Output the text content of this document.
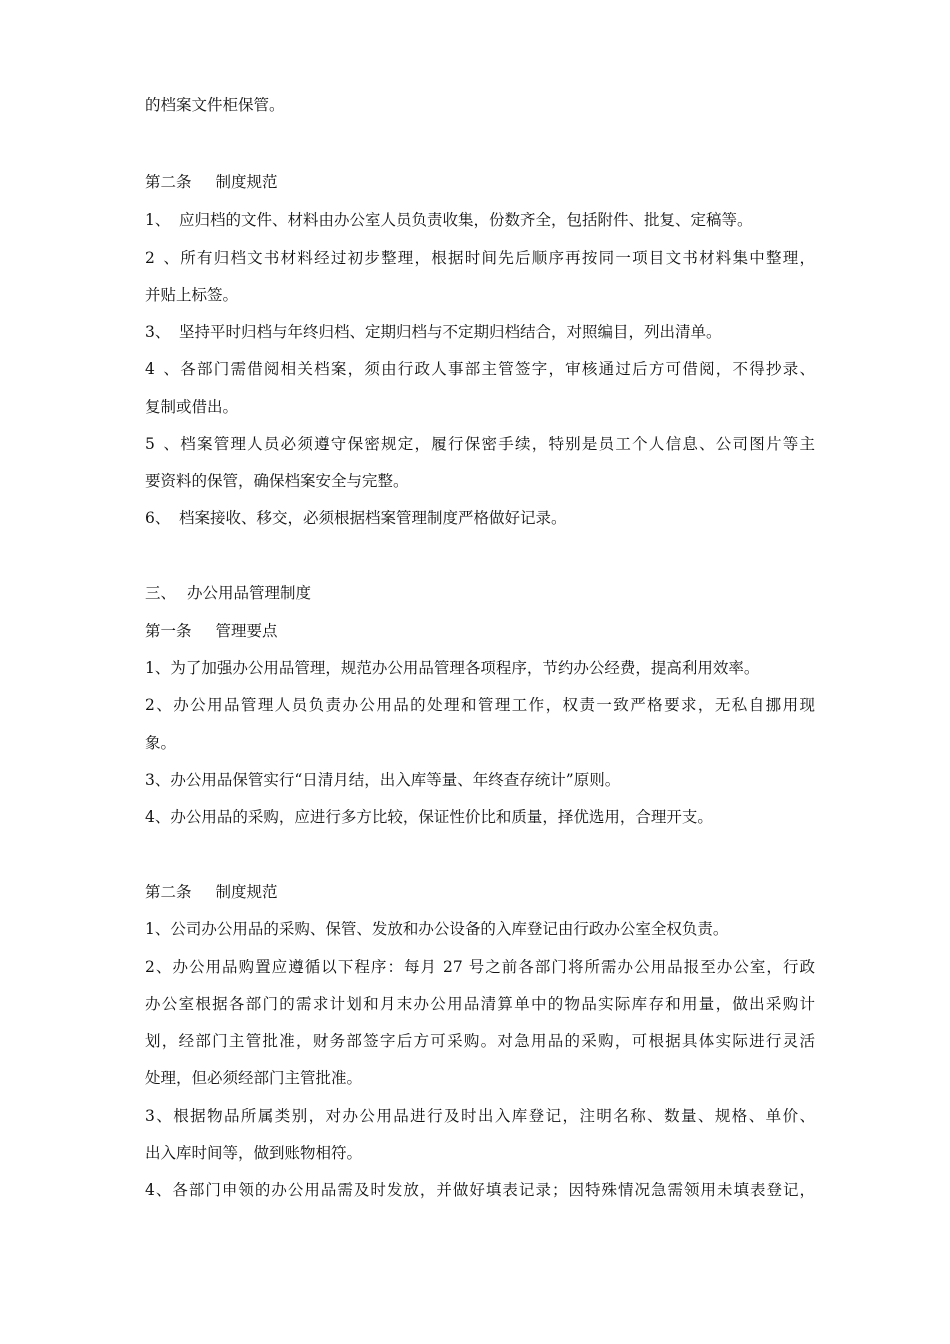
的档案文件柜保管。
第二条 制度规范
1、 应归档的文件、材料由办公室人员负责收集，份数齐全，包括附件、批复、定稿等。
2、所有归档文书材料经过初步整理，根据时间先后顺序再按同一项目文书材料集中整理，
并贴上标签。
3、 坚持平时归档与年终归档、定期归档与不定期归档结合，对照编目，列出清单。
4、各部门需借阅相关档案，须由行政人事部主管签字，审核通过后方可借阅，不得抄录、
复制或借出。
5、档案管理人员必须遵守保密规定，履行保密手续，特别是员工个人信息、公司图片等主
要资料的保管，确保档案安全与完整。
6、 档案接收、移交，必须根据档案管理制度严格做好记录。
三、 办公用品管理制度
第一条 管理要点
1、为了加强办公用品管理，规范办公用品管理各项程序，节约办公经费，提高利用效率。
2、办公用品管理人员负责办公用品的处理和管理工作，权责一致严格要求，无私自挪用现
象。
3、办公用品保管实行“日清月结，出入库等量、年终查存统计”原则。
4、办公用品的采购，应进行多方比较，保证性价比和质量，择优选用，合理开支。
第二条 制度规范
1、公司办公用品的采购、保管、发放和办公设备的入库登记由行政办公室全权负责。
2、办公用品购置应遵循以下程序：每月 27 号之前各部门将所需办公用品报至办公室，行政
办公室根据各部门的需求计划和月末办公用品清算单中的物品实际库存和用量，做出采购计
划，经部门主管批准，财务部签字后方可采购。对急用品的采购，可根据具体实际进行灵活
处理，但必须经部门主管批准。
3、根据物品所属类别，对办公用品进行及时出入库登记，注明名称、数量、规格、单价、
出入库时间等，做到账物相符。
4、各部门申领的办公用品需及时发放，并做好填表记录；因特殊情况急需领用未填表登记，
